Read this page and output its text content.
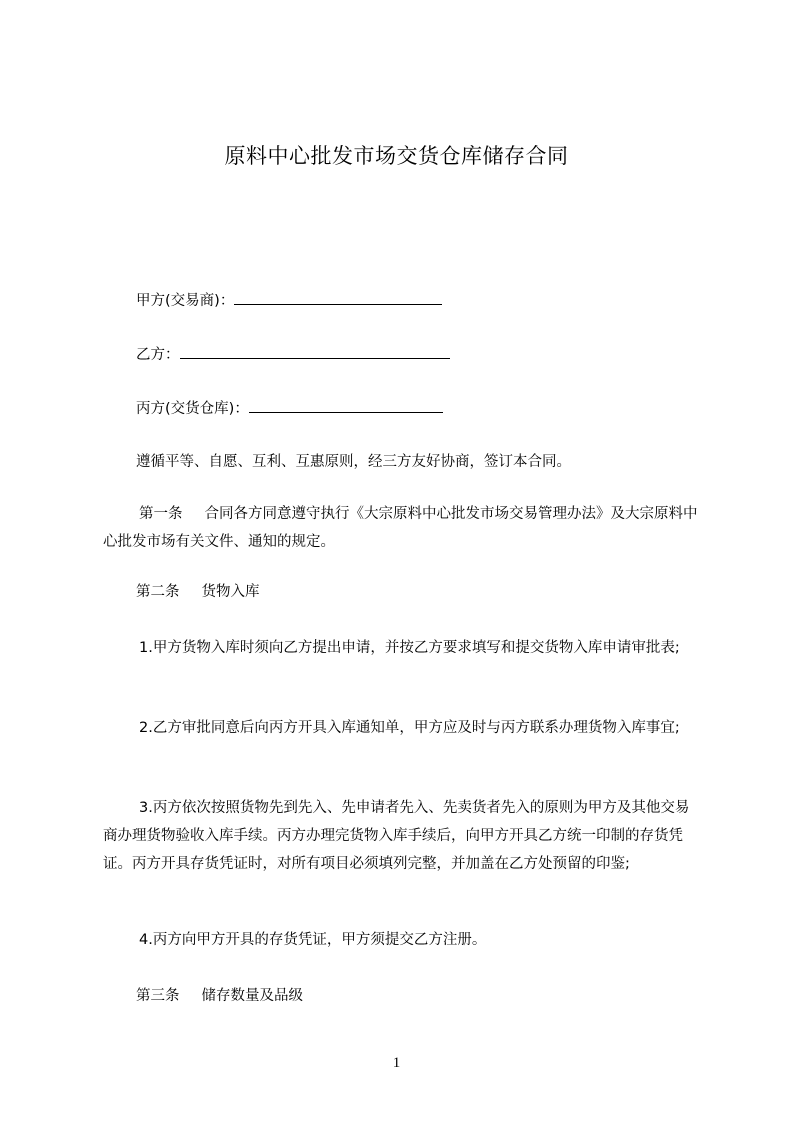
原料中心批发市场交货仓库储存合同
甲方(交易商)：
乙方：
丙方(交货仓库)：
遵循平等、自愿、互利、互惠原则，经三方友好协商，签订本合同。
第一条 合同各方同意遵守执行《大宗原料中心批发市场交易管理办法》及大宗原料中心批发市场有关文件、通知的规定。
第二条 货物入库
1.甲方货物入库时须向乙方提出申请，并按乙方要求填写和提交货物入库申请审批表;
2.乙方审批同意后向丙方开具入库通知单，甲方应及时与丙方联系办理货物入库事宜;
3.丙方依次按照货物先到先入、先申请者先入、先卖货者先入的原则为甲方及其他交易商办理货物验收入库手续。丙方办理完货物入库手续后，向甲方开具乙方统一印制的存货凭证。丙方开具存货凭证时，对所有项目必须填列完整，并加盖在乙方处预留的印鉴;
4.丙方向甲方开具的存货凭证，甲方须提交乙方注册。
第三条 储存数量及品级
1
